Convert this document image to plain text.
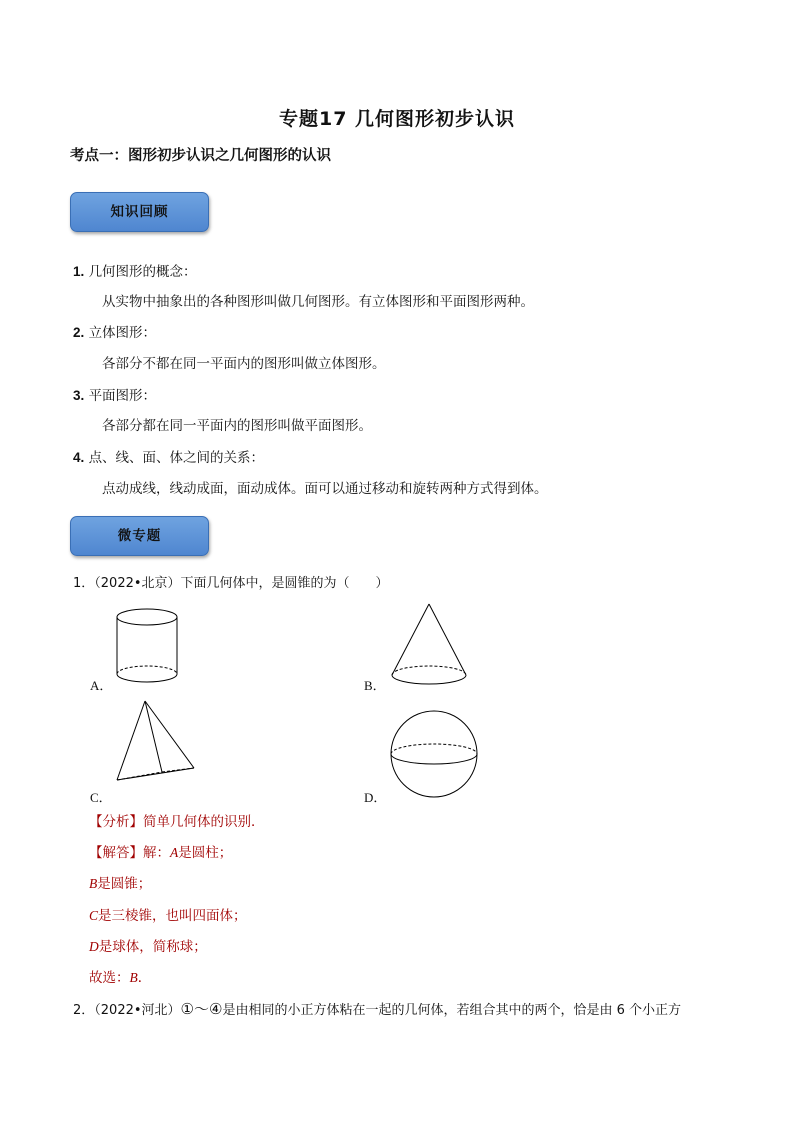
专题17 几何图形初步认识
考点一：图形初步认识之几何图形的认识
知识回顾
1. 几何图形的概念：
从实物中抽象出的各种图形叫做几何图形。有立体图形和平面图形两种。
2. 立体图形：
各部分不都在同一平面内的图形叫做立体图形。
3. 平面图形：
各部分都在同一平面内的图形叫做平面图形。
4. 点、线、面、体之间的关系：
点动成线，线动成面，面动成体。面可以通过移动和旋转两种方式得到体。
微专题
1．（2022•北京）下面几何体中，是圆锥的为（　　）
A．	B．
C．	D．
【分析】简单几何体的识别．
【解答】解：A是圆柱；
B是圆锥；
C是三棱锥，也叫四面体；
D是球体，简称球；
故选：B．
2．（2022•河北）①～④是由相同的小正方体粘在一起的几何体，若组合其中的两个，恰是由 6 个小正方
